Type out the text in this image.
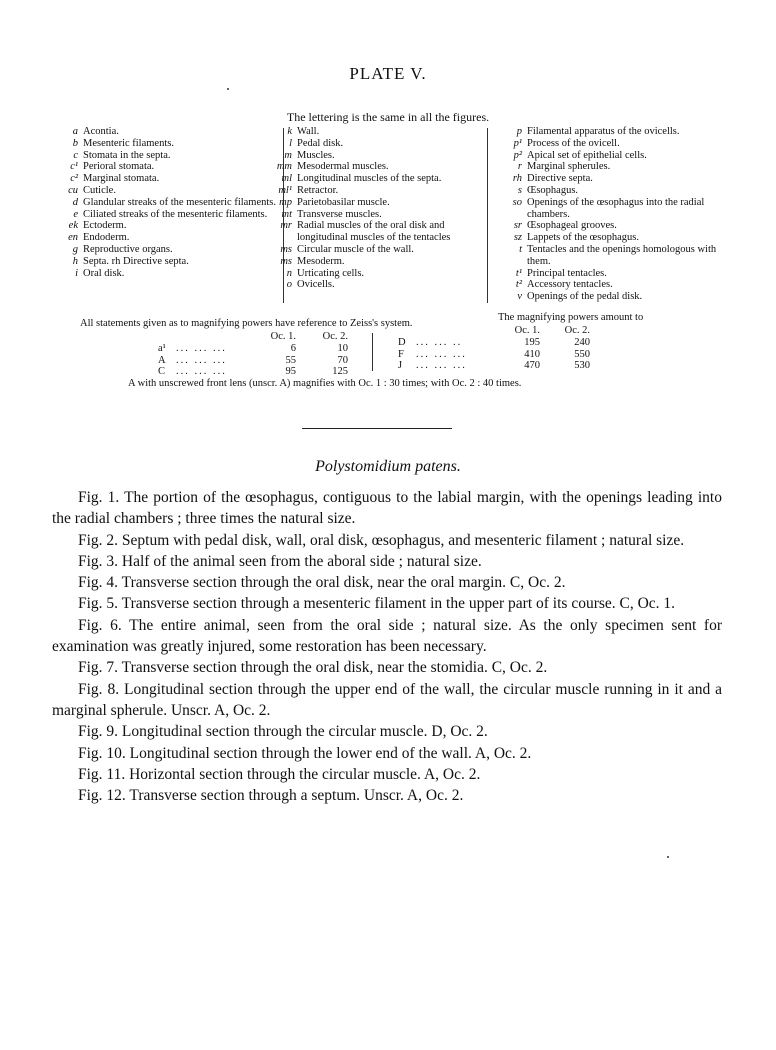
PLATE V.
The lettering is the same in all the figures.
a Acontia.
b Mesenteric filaments.
c Stomata in the septa.
c¹ Perioral stomata.
c² Marginal stomata.
cu Cuticle.
d Glandular streaks of the mesenteric filaments.
e Ciliated streaks of the mesenteric filaments.
ek Ectoderm.
en Endoderm.
g Reproductive organs.
h Septa. rh Directive septa.
i Oral disk.
k Wall.
l Pedal disk.
m Muscles.
mm Mesodermal muscles.
ml Longitudinal muscles of the septa.
ml¹ Retractor.
mp Parietobasilar muscle.
mt Transverse muscles.
mr Radial muscles of the oral disk and longitudinal muscles of the tentacles
ms Circular muscle of the wall.
ms Mesoderm.
n Urticating cells.
o Ovicells.
p Filamental apparatus of the ovicells.
p¹ Process of the ovicell.
p² Apical set of epithelial cells.
r Marginal spherules.
rh Directive septa.
s Œsophagus.
so Openings of the œsophagus into the radial chambers.
sr Œsophageal grooves.
sz Lappets of the œsophagus.
t Tentacles and the openings homologous with them.
t¹ Principal tentacles.
t² Accessory tentacles.
v Openings of the pedal disk.
All statements given as to magnifying powers have reference to Zeiss's system.
The magnifying powers amount to
Oc. 1.	Oc. 2.
a¹ ... ... ...	6	10
A ... ... ...	55	70
C	... ... ...	95	125
Oc. 1.	Oc. 2.
D ... ... ..	195	240
F	... ... ...	410	550
J	... ... ...	470	530
A with unscrewed front lens (unscr. A) magnifies with Oc. 1 : 30 times; with Oc. 2 : 40 times.
Polystomidium patens.

Fig. 1. The portion of the œsophagus, contiguous to the labial margin, with the openings leading into the radial chambers ; three times the natural size.

Fig. 2. Septum with pedal disk, wall, oral disk, œsophagus, and mesenteric filament ; natural size.

Fig. 3. Half of the animal seen from the aboral side ; natural size.

Fig. 4. Transverse section through the oral disk, near the oral margin. C, Oc. 2.

Fig. 5. Transverse section through a mesenteric filament in the upper part of its course. C, Oc. 1.

Fig. 6. The entire animal, seen from the oral side ; natural size. As the only specimen sent for examination was greatly injured, some restoration has been necessary.

Fig. 7. Transverse section through the oral disk, near the stomidia. C, Oc. 2.

Fig. 8. Longitudinal section through the upper end of the wall, the circular muscle running in it and a marginal spherule. Unscr. A, Oc. 2.

Fig. 9. Longitudinal section through the circular muscle. D, Oc. 2.

Fig. 10. Longitudinal section through the lower end of the wall. A, Oc. 2.

Fig. 11. Horizontal section through the circular muscle. A, Oc. 2.

Fig. 12. Transverse section through a septum. Unscr. A, Oc. 2.
